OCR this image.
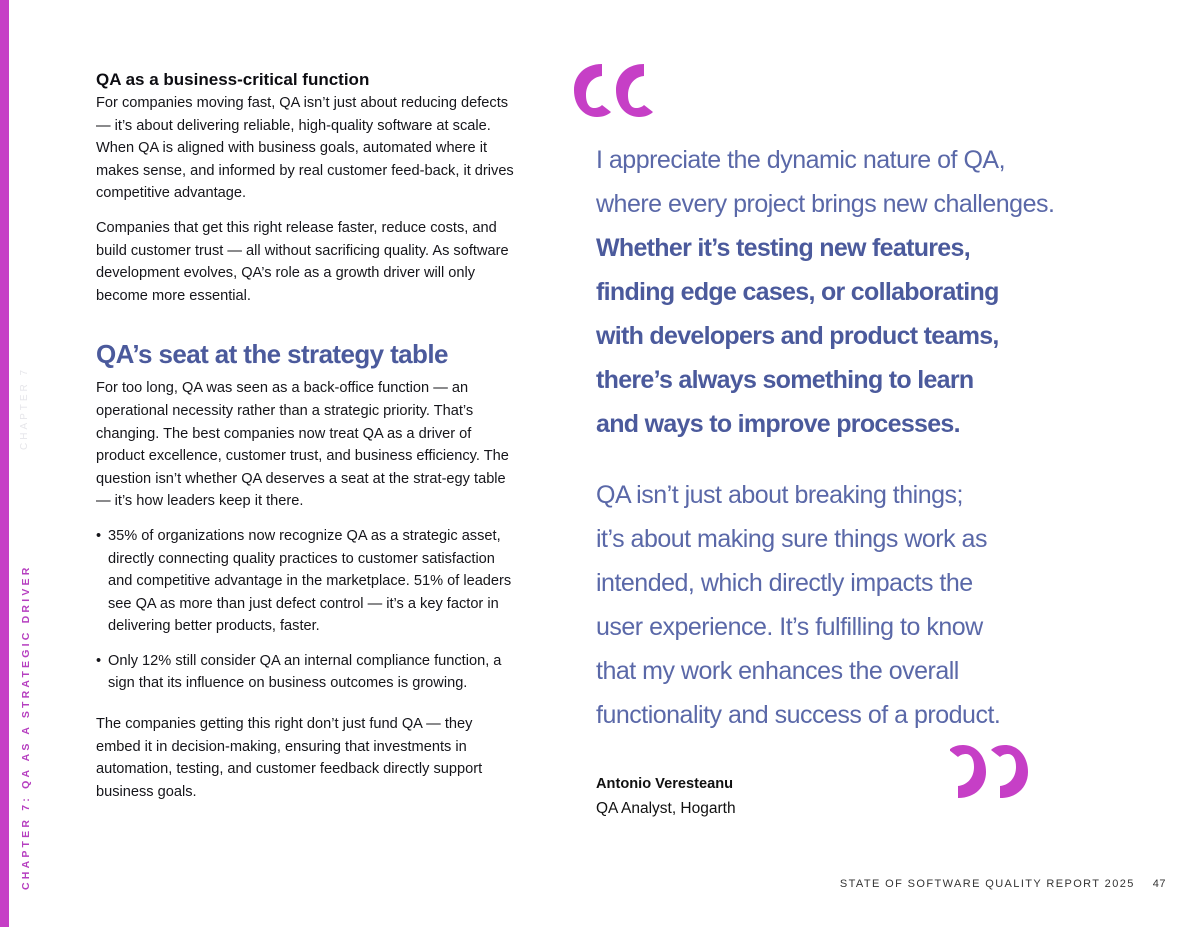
CHAPTER 7: QA AS A STRATEGIC DRIVER
CHAPTER 7
QA as a business-critical function

For companies moving fast, QA isn’t just about reducing defects — it’s about delivering reliable, high-quality software at scale. When QA is aligned with business goals, automated where it makes sense, and informed by real customer feed-back, it drives competitive advantage.

Companies that get this right release faster, reduce costs, and build customer trust — all without sacrificing quality. As software development evolves, QA’s role as a growth driver will only become more essential.

QA’s seat at the strategy table

For too long, QA was seen as a back-office function — an operational necessity rather than a strategic priority. That’s changing. The best companies now treat QA as a driver of product excellence, customer trust, and business efficiency. The question isn’t whether QA deserves a seat at the strat-egy table — it’s how leaders keep it there.

• 35% of organizations now recognize QA as a strategic asset, directly connecting quality practices to customer satisfaction and competitive advantage in the marketplace. 51% of leaders see QA as more than just defect control — it’s a key factor in delivering better products, faster.
• Only 12% still consider QA an internal compliance function, a sign that its influence on business outcomes is growing.

The companies getting this right don’t just fund QA — they embed it in decision-making, ensuring that investments in automation, testing, and customer feedback directly support business goals.

I appreciate the dynamic nature of QA,
where every project brings new challenges.
Whether it’s testing new features,
finding edge cases, or collaborating
with developers and product teams,
there’s always something to learn
and ways to improve processes.
QA isn’t just about breaking things;
it’s about making sure things work as
intended, which directly impacts the
user experience. It’s fulfilling to know
that my work enhances the overall
functionality and success of a product.
Antonio Veresteanu
QA Analyst, Hogarth
STATE OF SOFTWARE QUALITY REPORT 2025 47
